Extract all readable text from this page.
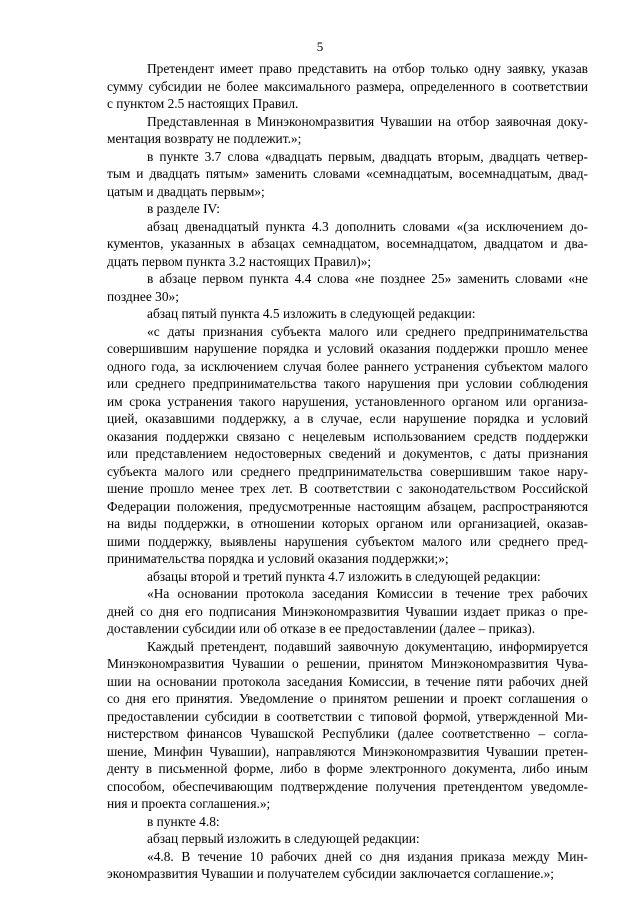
5
Претендент имеет право представить на отбор только одну заявку, указав
сумму субсидии не более максимального размера, определенного в соответствии
с пунктом 2.5 настоящих Правил.
Представленная в Минэкономразвития Чувашии на отбор заявочная доку-
ментация возврату не подлежит.»;
в пункте 3.7 слова «двадцать первым, двадцать вторым, двадцать четвер-
тым и двадцать пятым» заменить словами «семнадцатым, восемнадцатым, двад-
цатым и двадцать первым»;
в разделе IV:
абзац двенадцатый пункта 4.3 дополнить словами «(за исключением до-
кументов, указанных в абзацах семнадцатом, восемнадцатом, двадцатом и два-
дцать первом пункта 3.2 настоящих Правил)»;
в абзаце первом пункта 4.4 слова «не позднее 25» заменить словами «не
позднее 30»;
абзац пятый пункта 4.5 изложить в следующей редакции:
«с даты признания субъекта малого или среднего предпринимательства
совершившим нарушение порядка и условий оказания поддержки прошло менее
одного года, за исключением случая более раннего устранения субъектом малого
или среднего предпринимательства такого нарушения при условии соблюдения
им срока устранения такого нарушения, установленного органом или организа-
цией, оказавшими поддержку, а в случае, если нарушение порядка и условий
оказания поддержки связано с нецелевым использованием средств поддержки
или представлением недостоверных сведений и документов, с даты признания
субъекта малого или среднего предпринимательства совершившим такое нару-
шение прошло менее трех лет. В соответствии с законодательством Российской
Федерации положения, предусмотренные настоящим абзацем, распространяются
на виды поддержки, в отношении которых органом или организацией, оказав-
шими поддержку, выявлены нарушения субъектом малого или среднего пред-
принимательства порядка и условий оказания поддержки;»;
абзацы второй и третий пункта 4.7 изложить в следующей редакции:
«На основании протокола заседания Комиссии в течение трех рабочих
дней со дня его подписания Минэкономразвития Чувашии издает приказ о пре-
доставлении субсидии или об отказе в ее предоставлении (далее – приказ).
Каждый претендент, подавший заявочную документацию, информируется
Минэкономразвития Чувашии о решении, принятом Минэкономразвития Чува-
шии на основании протокола заседания Комиссии, в течение пяти рабочих дней
со дня его принятия. Уведомление о принятом решении и проект соглашения о
предоставлении субсидии в соответствии с типовой формой, утвержденной Ми-
нистерством финансов Чувашской Республики (далее соответственно – согла-
шение, Минфин Чувашии), направляются Минэкономразвития Чувашии претен-
денту в письменной форме, либо в форме электронного документа, либо иным
способом, обеспечивающим подтверждение получения претендентом уведомле-
ния и проекта соглашения.»;
в пункте 4.8:
абзац первый изложить в следующей редакции:
«4.8. В течение 10 рабочих дней со дня издания приказа между Мин-
экономразвития Чувашии и получателем субсидии заключается соглашение.»;
